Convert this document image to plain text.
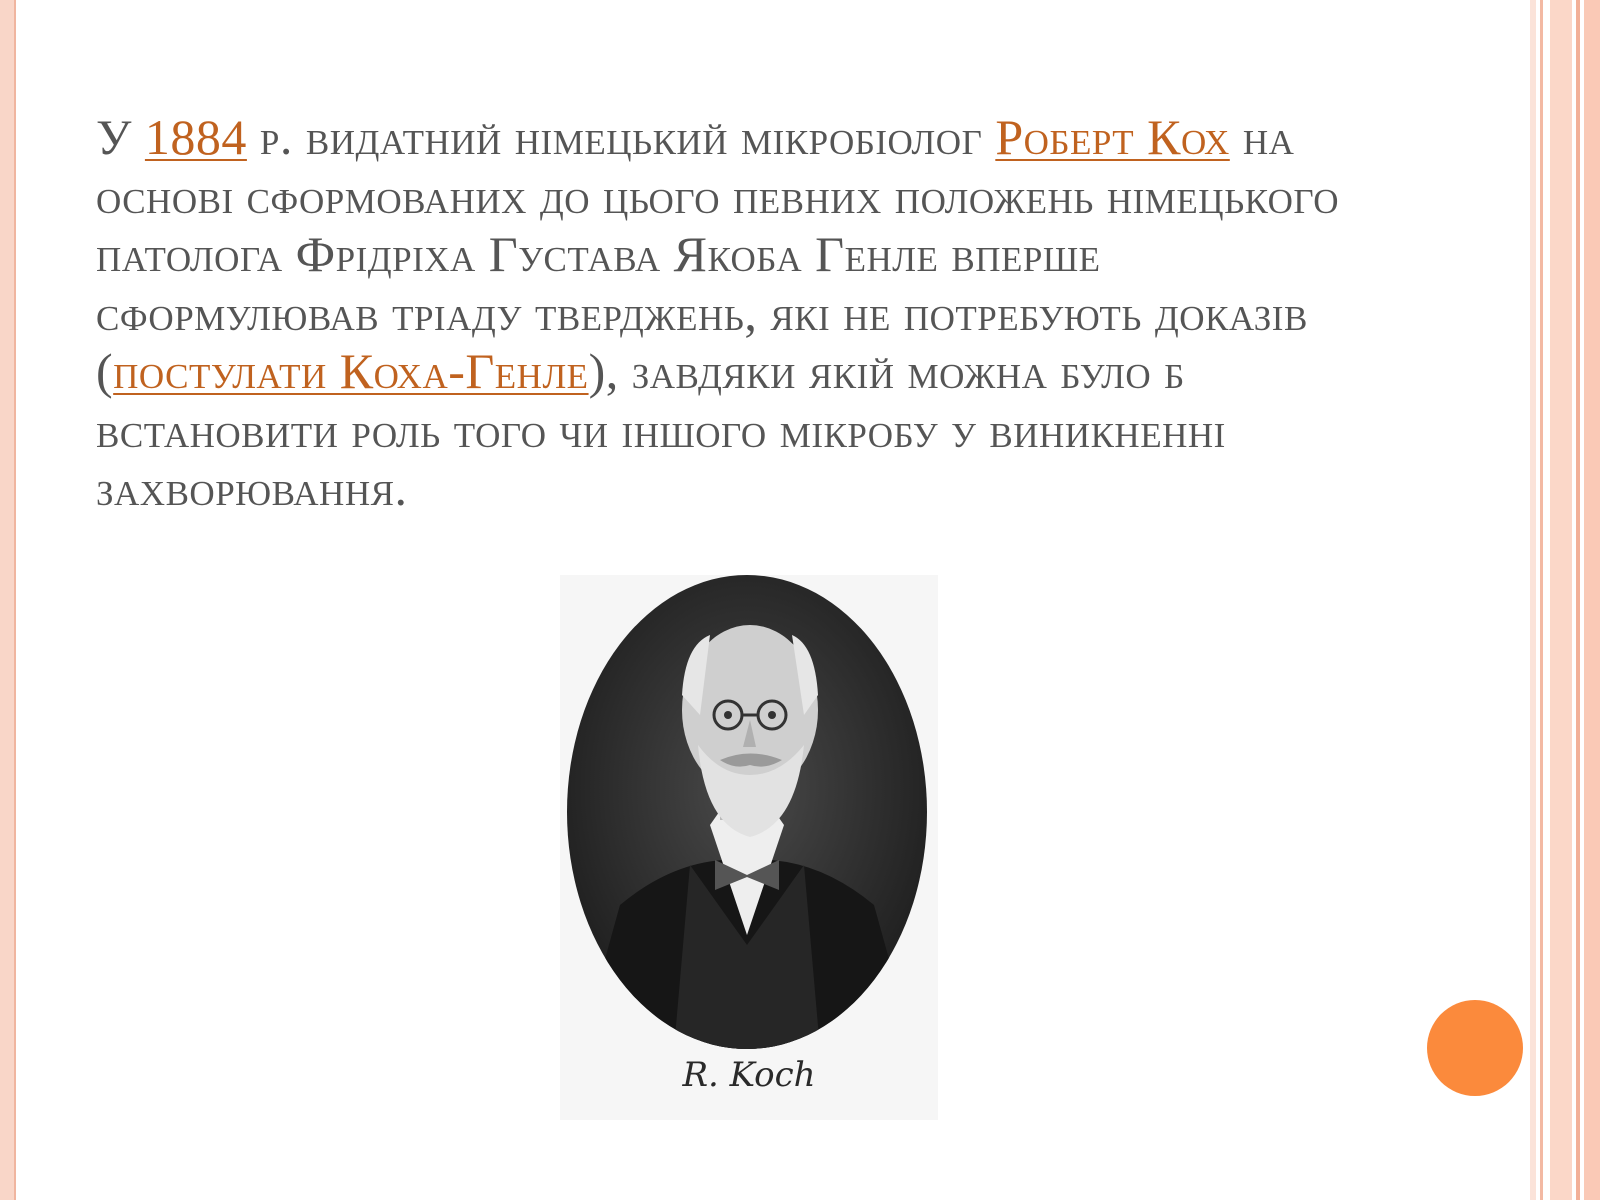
У 1884 р. видатний німецький мікробіолог Роберт Кох на основі сформованих до цього певних положень німецького патолога Фрідріха Густава Якоба Генле вперше сформулював тріаду тверджень, які не потребують доказів (постулати Коха-Генле), завдяки якій можна було б встановити роль того чи іншого мікробу у виникненні захворювання.

R. Koch
